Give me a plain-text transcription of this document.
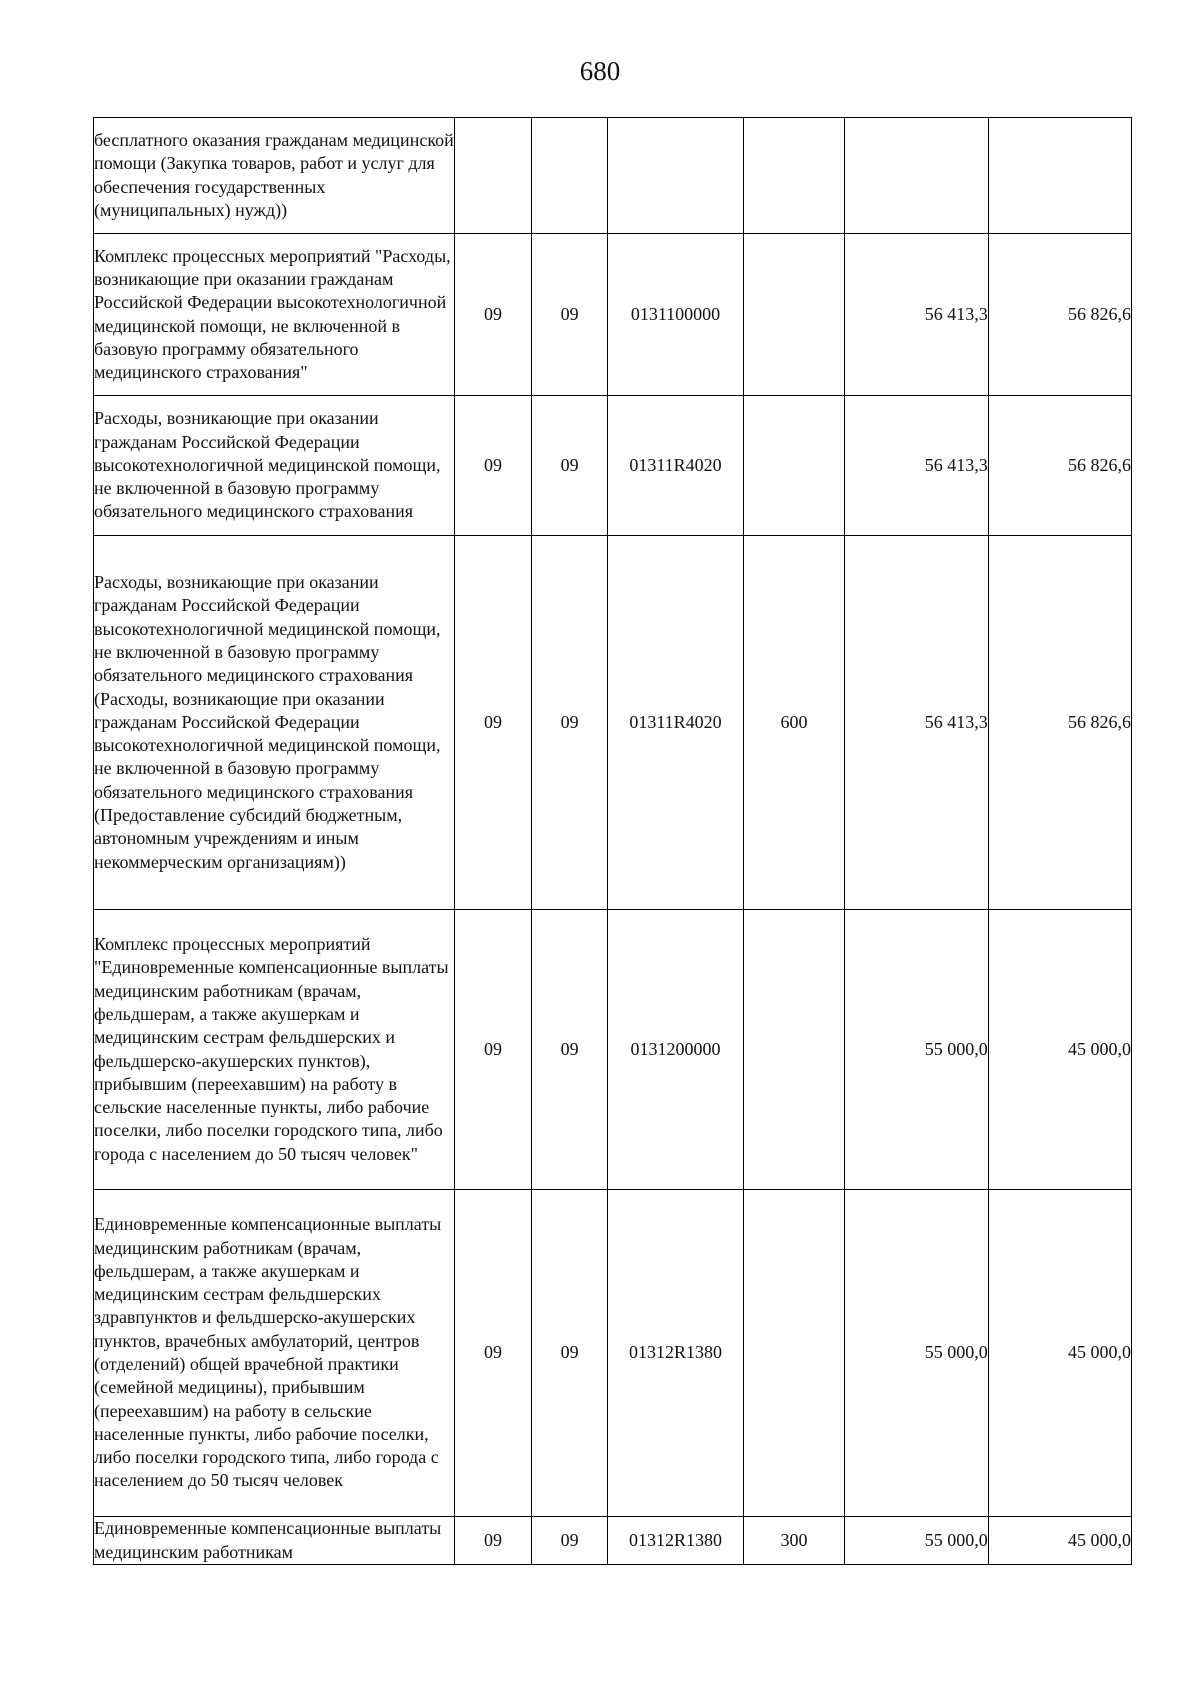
680
бесплатного оказания гражданам медицинской помощи (Закупка товаров, работ и услуг для обеспечения государственных (муниципальных) нужд))						
Комплекс процессных мероприятий "Расходы, возникающие при оказании гражданам Российской Федерации высокотехнологичной медицинской помощи, не включенной в базовую программу обязательного медицинского страхования"	09	09	0131100000		56 413,3	56 826,6
Расходы, возникающие при оказании гражданам Российской Федерации высокотехнологичной медицинской помощи, не включенной в базовую программу обязательного медицинского страхования	09	09	01311R4020		56 413,3	56 826,6
Расходы, возникающие при оказании гражданам Российской Федерации высокотехнологичной медицинской помощи, не включенной в базовую программу обязательного медицинского страхования (Расходы, возникающие при оказании гражданам Российской Федерации высокотехнологичной медицинской помощи, не включенной в базовую программу обязательного медицинского страхования (Предоставление субсидий бюджетным, автономным учреждениям и иным некоммерческим организациям))	09	09	01311R4020	600	56 413,3	56 826,6
Комплекс процессных мероприятий "Единовременные компенсационные выплаты медицинским работникам (врачам, фельдшерам, а также акушеркам и медицинским сестрам фельдшерских и фельдшерско-акушерских пунктов), прибывшим (переехавшим) на работу в сельские населенные пункты, либо рабочие поселки, либо поселки городского типа, либо города с населением до 50 тысяч человек"	09	09	0131200000		55 000,0	45 000,0
Единовременные компенсационные выплаты медицинским работникам (врачам, фельдшерам, а также акушеркам и медицинским сестрам фельдшерских здравпунктов и фельдшерско-акушерских пунктов, врачебных амбулаторий, центров (отделений) общей врачебной практики (семейной медицины), прибывшим (переехавшим) на работу в сельские населенные пункты, либо рабочие поселки, либо поселки городского типа, либо города с населением до 50 тысяч человек	09	09	01312R1380		55 000,0	45 000,0
Единовременные компенсационные выплаты медицинским работникам	09	09	01312R1380	300	55 000,0	45 000,0
